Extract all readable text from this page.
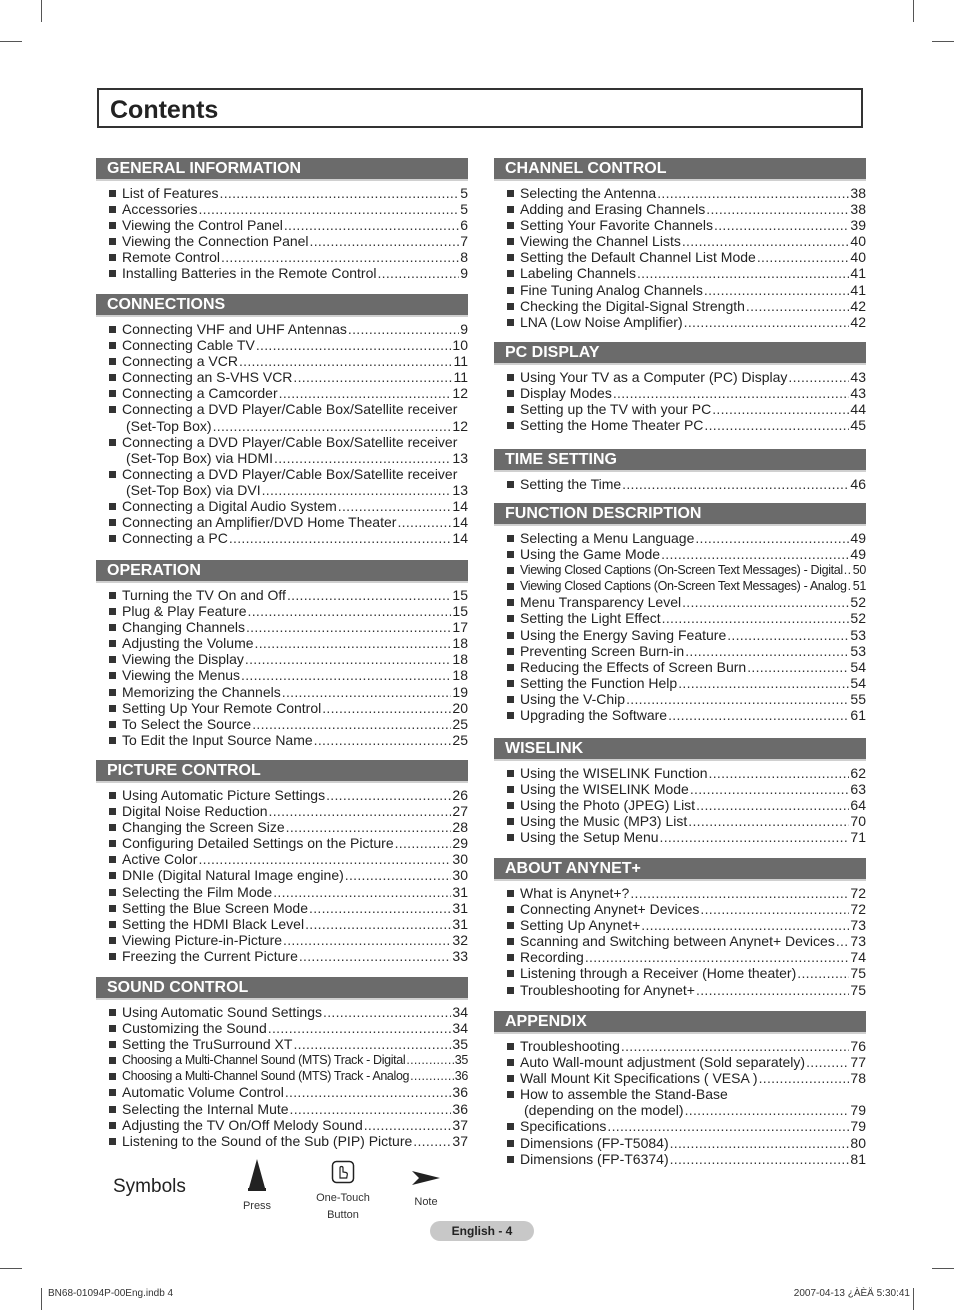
Contents
GENERAL INFORMATION
List of Features .....	5
Accessories .....	5
Viewing the Control Panel .....	6
Viewing the Connection Panel .....	7
Remote Control .....	8
Installing Batteries in the Remote Control .....	9
CONNECTIONS
Connecting VHF and UHF Antennas .....	9
Connecting Cable TV .....	10
Connecting a VCR .....	11
Connecting an S-VHS VCR .....	11
Connecting a Camcorder .....	12
Connecting a DVD Player/Cable Box/Satellite receiver
(Set-Top Box) .....	12
Connecting a DVD Player/Cable Box/Satellite receiver
(Set-Top Box) via HDMI .....	13
Connecting a DVD Player/Cable Box/Satellite receiver
(Set-Top Box) via DVI .....	13
Connecting a Digital Audio System .....	14
Connecting an Amplifier/DVD Home Theater .....	14
Connecting a PC .....	14
OPERATION
Turning the TV On and Off .....	15
Plug & Play Feature .....	15
Changing Channels .....	17
Adjusting the Volume .....	18
Viewing the Display .....	18
Viewing the Menus .....	18
Memorizing the Channels .....	19
Setting Up Your Remote Control .....	20
To Select the Source .....	25
To Edit the Input Source Name .....	25
PICTURE CONTROL
Using Automatic Picture Settings .....	26
Digital Noise Reduction .....	27
Changing the Screen Size .....	28
Configuring Detailed Settings on the Picture .....	29
Active Color .....	30
DNIe (Digital Natural Image engine) .....	30
Selecting the Film Mode .....	31
Setting the Blue Screen Mode .....	31
Setting the HDMI Black Level .....	31
Viewing Picture-in-Picture .....	32
Freezing the Current Picture .....	33
SOUND CONTROL
Using Automatic Sound Settings .....	34
Customizing the Sound .....	34
Setting the TruSurround XT .....	35
Choosing a Multi-Channel Sound (MTS) Track - Digital .....	35
Choosing a Multi-Channel Sound (MTS) Track - Analog .....	36
Automatic Volume Control .....	36
Selecting the Internal Mute .....	36
Adjusting the TV On/Off Melody Sound .....	37
Listening to the Sound of the Sub (PIP) Picture .....	37
CHANNEL CONTROL
Selecting the Antenna .....	38
Adding and Erasing Channels .....	38
Setting Your Favorite Channels .....	39
Viewing the Channel Lists .....	40
Setting the Default Channel List Mode .....	40
Labeling Channels .....	41
Fine Tuning Analog Channels .....	41
Checking the Digital-Signal Strength .....	42
LNA (Low Noise Amplifier) .....	42
PC DISPLAY
Using Your TV as a Computer (PC) Display .....	43
Display Modes .....	43
Setting up the TV with your PC .....	44
Setting the Home Theater PC .....	45
TIME SETTING
Setting the Time .....	46
FUNCTION DESCRIPTION
Selecting a Menu Language .....	49
Using the Game Mode .....	49
Viewing Closed Captions (On-Screen Text Messages) - Digital ..... 50
Viewing Closed Captions (On-Screen Text Messages) - Analog ..... 51
Menu Transparency Level .....	52
Setting the Light Effect .....	52
Using the Energy Saving Feature .....	53
Preventing Screen Burn-in .....	53
Reducing the Effects of Screen Burn .....	54
Setting the Function Help .....	54
Using the V-Chip .....	55
Upgrading the Software .....	61
WISELINK
Using the WISELINK Function .....	62
Using the WISELINK Mode .....	63
Using the Photo (JPEG) List .....	64
Using the Music (MP3) List .....	70
Using the Setup Menu .....	71
ABOUT ANYNET+
What is Anynet+? .....	72
Connecting Anynet+ Devices .....	72
Setting Up Anynet+ .....	73
Scanning and Switching between Anynet+ Devices ..... 73
Recording .....	74
Listening through a Receiver (Home theater) .....	75
Troubleshooting for Anynet+ .....	75
APPENDIX
Troubleshooting .....	76
Auto Wall-mount adjustment (Sold separately) .....	77
Wall Mount Kit Specifications ( VESA ) .....	78
How to assemble the Stand-Base
(depending on the model) .....	79
Specifications .....	79
Dimensions (FP-T5084) .....	80
Dimensions (FP-T6374) .....	81
Symbols
Press
One-Touch
Button
Note
English - 4
BN68-01094P-00Eng.indb 4	2007-04-13 ¿ÀÈÄ 5:30:41
